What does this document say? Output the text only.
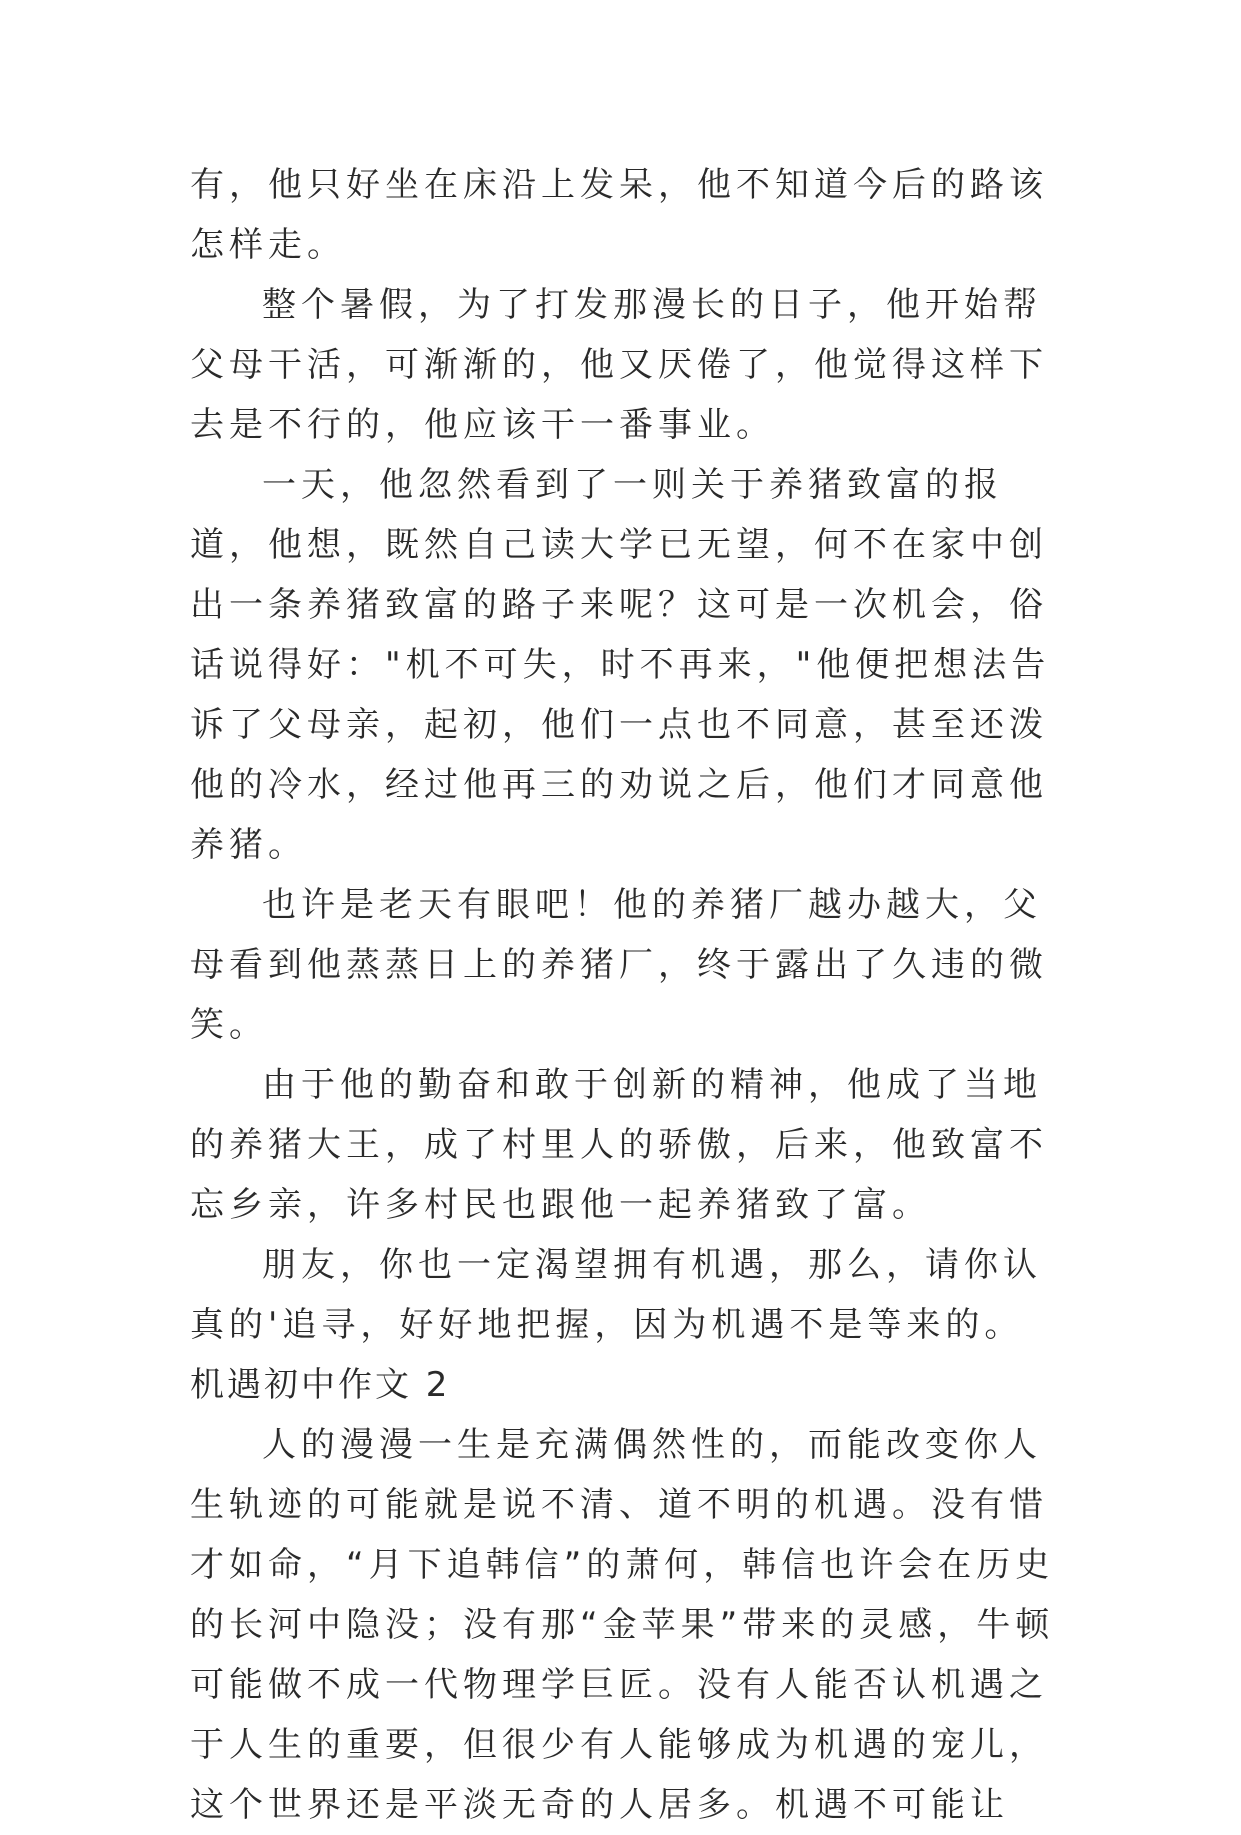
有，他只好坐在床沿上发呆，他不知道今后的路该怎样走。

整个暑假，为了打发那漫长的日子，他开始帮父母干活，可渐渐的，他又厌倦了，他觉得这样下去是不行的，他应该干一番事业。

一天，他忽然看到了一则关于养猪致富的报道，他想，既然自己读大学已无望，何不在家中创出一条养猪致富的路子来呢？这可是一次机会，俗话说得好："机不可失，时不再来，"他便把想法告诉了父母亲，起初，他们一点也不同意，甚至还泼他的冷水，经过他再三的劝说之后，他们才同意他养猪。

也许是老天有眼吧！他的养猪厂越办越大，父母看到他蒸蒸日上的养猪厂，终于露出了久违的微笑。

由于他的勤奋和敢于创新的精神，他成了当地的养猪大王，成了村里人的骄傲，后来，他致富不忘乡亲，许多村民也跟他一起养猪致了富。

朋友，你也一定渴望拥有机遇，那么，请你认真的'追寻，好好地把握，因为机遇不是等来的。

机遇初中作文 2

人的漫漫一生是充满偶然性的，而能改变你人生轨迹的可能就是说不清、道不明的机遇。没有惜才如命，“月下追韩信”的萧何，韩信也许会在历史的长河中隐没；没有那“金苹果”带来的灵感，牛顿可能做不成一代物理学巨匠。没有人能否认机遇之于人生的重要，但很少有人能够成为机遇的宠儿，这个世界还是平淡无奇的人居多。机遇不可能让
